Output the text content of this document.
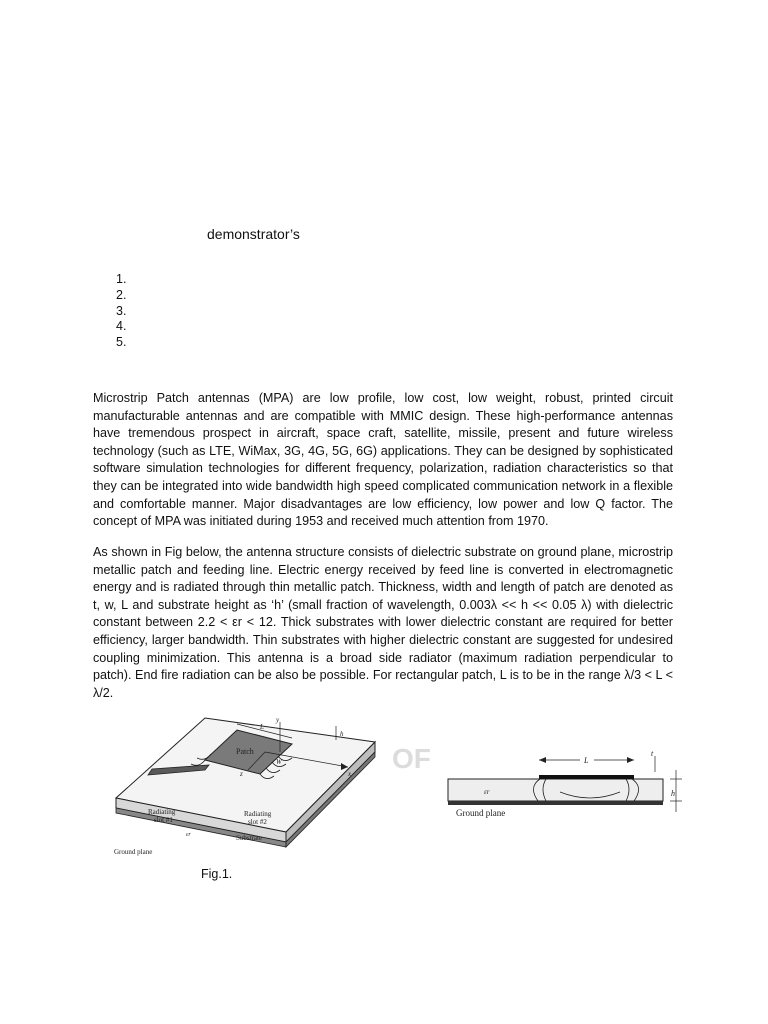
demonstrator’s
1.
2.
3.
4.
5.

Microstrip Patch antennas (MPA) are low profile, low cost, low weight, robust, printed circuit manufacturable antennas and are compatible with MMIC design. These high-performance antennas have tremendous prospect in aircraft, space craft, satellite, missile, present and future wireless technology (such as LTE, WiMax, 3G, 4G, 5G, 6G) applications. They can be designed by sophisticated software simulation technologies for different frequency, polarization, radiation characteristics so that they can be integrated into wide bandwidth high speed complicated communication network in a flexible and comfortable manner. Major disadvantages are low efficiency, low power and low Q factor. The concept of MPA was initiated during 1953 and received much attention from 1970.

As shown in Fig below, the antenna structure consists of dielectric substrate on ground plane, microstrip metallic patch and feeding line. Electric energy received by feed line is converted in electromagnetic energy and is radiated through thin metallic patch. Thickness, width and length of patch are denoted as t, w, L and substrate height as ‘h’ (small fraction of wavelength, 0.003λ << h << 0.05 λ) with dielectric constant between 2.2 < εr < 12. Thick substrates with lower dielectric constant are required for better efficiency, larger bandwidth. Thin substrates with higher dielectric constant are suggested for undesired coupling minimization. This antenna is a broad side radiator (maximum radiation perpendicular to patch). End fire radiation can be also be possible. For rectangular patch, L is to be in the range λ/3 < L < λ/2.

Patch
L
W
h
x
y
z
εr
Radiating
slot #1
Radiating
slot #2
Substrate
Ground plane
OF	L
t
h
εr
Ground plane
Fig.1.
